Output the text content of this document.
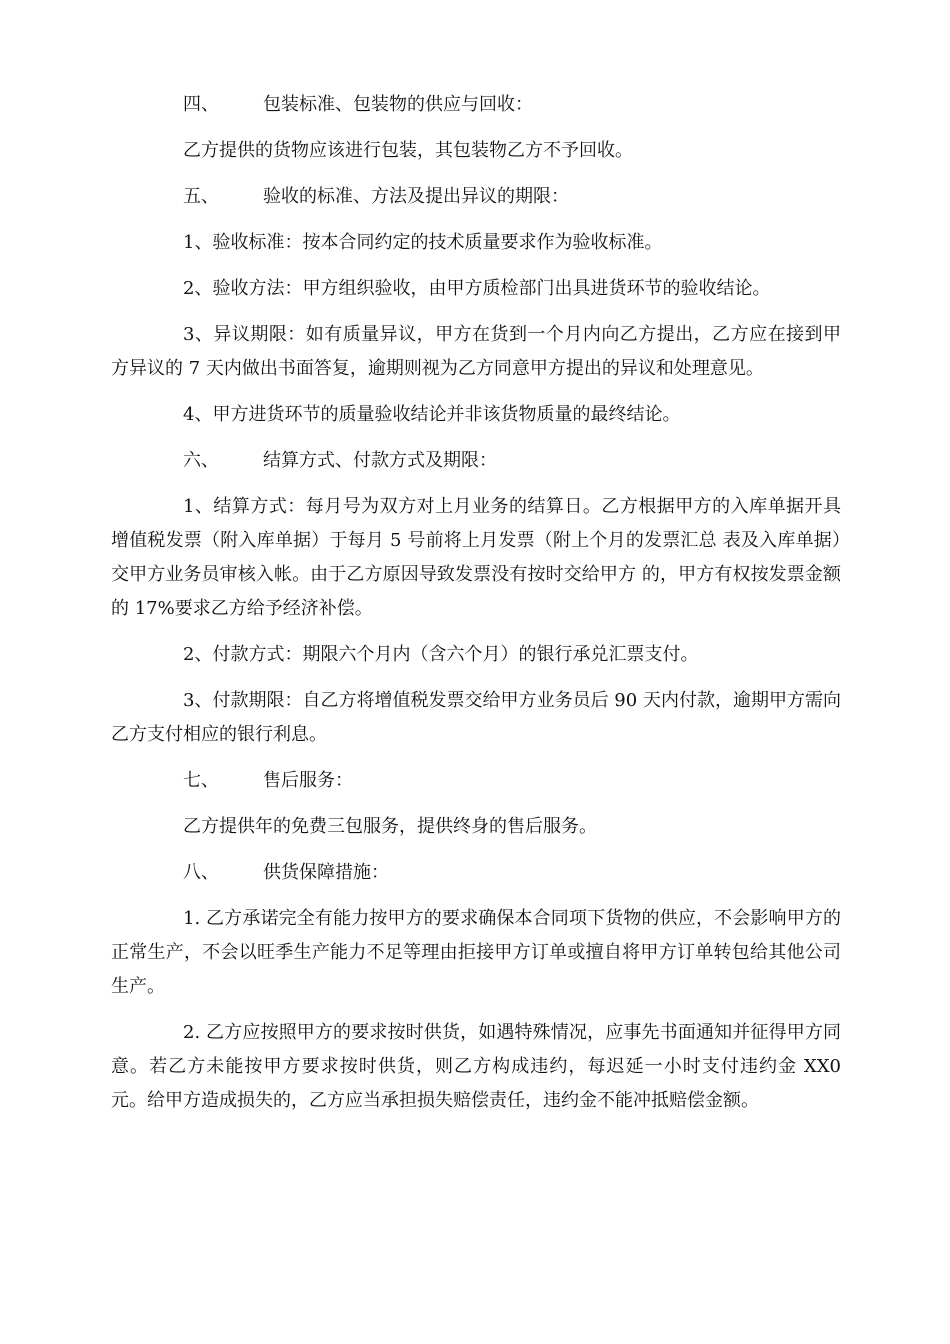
四、 包装标准、包装物的供应与回收：

乙方提供的货物应该进行包装，其包装物乙方不予回收。

五、 验收的标准、方法及提出异议的期限：

1、验收标准：按本合同约定的技术质量要求作为验收标准。

2、验收方法：甲方组织验收，由甲方质检部门出具进货环节的验收结论。

3、异议期限：如有质量异议，甲方在货到一个月内向乙方提出，乙方应在接到甲方异议的 7 天内做出书面答复，逾期则视为乙方同意甲方提出的异议和处理意见。

4、甲方进货环节的质量验收结论并非该货物质量的最终结论。

六、 结算方式、付款方式及期限：

1、结算方式：每月号为双方对上月业务的结算日。乙方根据甲方的入库单据开具增值税发票（附入库单据）于每月 5 号前将上月发票（附上个月的发票汇总 表及入库单据）交甲方业务员审核入帐。由于乙方原因导致发票没有按时交给甲方 的，甲方有权按发票金额的 17%要求乙方给予经济补偿。

2、付款方式：期限六个月内（含六个月）的银行承兑汇票支付。

3、付款期限：自乙方将增值税发票交给甲方业务员后 90 天内付款，逾期甲方需向乙方支付相应的银行利息。

七、 售后服务：

乙方提供年的免费三包服务，提供终身的售后服务。

八、 供货保障措施：

1. 乙方承诺完全有能力按甲方的要求确保本合同项下货物的供应，不会影响甲方的正常生产，不会以旺季生产能力不足等理由拒接甲方订单或擅自将甲方订单转包给其他公司生产。

2. 乙方应按照甲方的要求按时供货，如遇特殊情况，应事先书面通知并征得甲方同意。若乙方未能按甲方要求按时供货，则乙方构成违约，每迟延一小时支付违约金 XX0 元。给甲方造成损失的，乙方应当承担损失赔偿责任，违约金不能冲抵赔偿金额。
